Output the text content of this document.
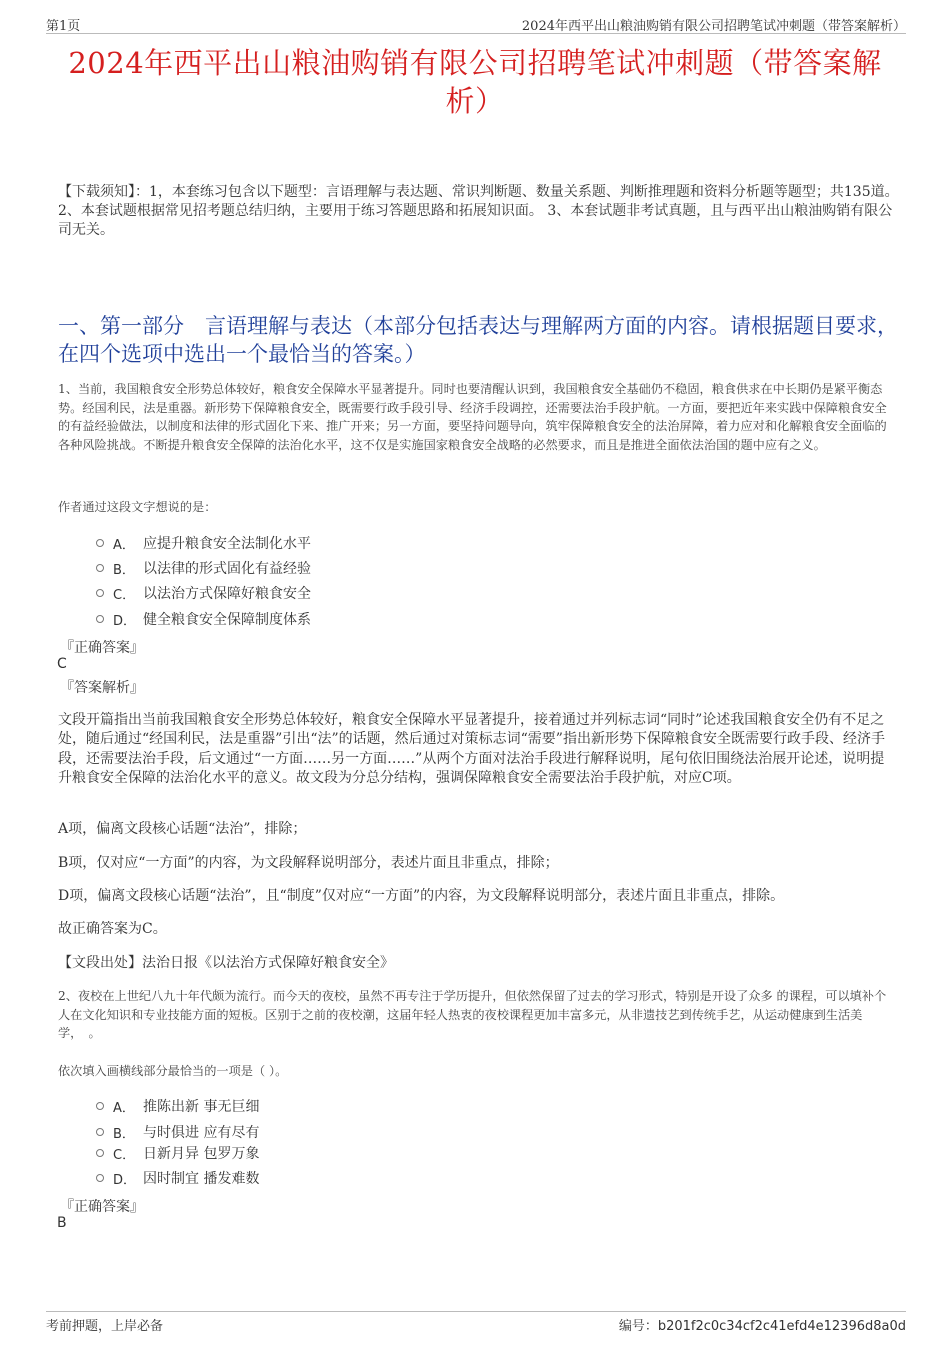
第1页	2024年西平出山粮油购销有限公司招聘笔试冲刺题（带答案解析）
2024年西平出山粮油购销有限公司招聘笔试冲刺题（带答案解析）
【下载须知】：1，本套练习包含以下题型：言语理解与表达题、常识判断题、数量关系题、判断推理题和资料分析题等题型；共135道。 2、本套试题根据常见招考题总结归纳，主要用于练习答题思路和拓展知识面。 3、本套试题非考试真题，且与西平出山粮油购销有限公司无关。
一、第一部分　言语理解与表达（本部分包括表达与理解两方面的内容。请根据题目要求，在四个选项中选出一个最恰当的答案。）
1、当前，我国粮食安全形势总体较好，粮食安全保障水平显著提升。同时也要清醒认识到，我国粮食安全基础仍不稳固，粮食供求在中长期仍是紧平衡态势。经国利民，法是重器。新形势下保障粮食安全，既需要行政手段引导、经济手段调控，还需要法治手段护航。一方面，要把近年来实践中保障粮食安全的有益经验做法，以制度和法律的形式固化下来、推广开来；另一方面，要坚持问题导向，筑牢保障粮食安全的法治屏障，着力应对和化解粮食安全面临的各种风险挑战。不断提升粮食安全保障的法治化水平，这不仅是实施国家粮食安全战略的必然要求，而且是推进全面依法治国的题中应有之义。
作者通过这段文字想说的是：
A． 应提升粮食安全法制化水平
B． 以法律的形式固化有益经验
C． 以法治方式保障好粮食安全
D． 健全粮食安全保障制度体系
『正确答案』
C
『答案解析』
文段开篇指出当前我国粮食安全形势总体较好，粮食安全保障水平显著提升，接着通过并列标志词“同时”论述我国粮食安全仍有不足之处，随后通过“经国利民，法是重器”引出“法”的话题，然后通过对策标志词“需要”指出新形势下保障粮食安全既需要行政手段、经济手段，还需要法治手段，后文通过“一方面……另一方面……”从两个方面对法治手段进行解释说明，尾句依旧围绕法治展开论述，说明提升粮食安全保障的法治化水平的意义。故文段为分总分结构，强调保障粮食安全需要法治手段护航，对应C项。
A项，偏离文段核心话题“法治”，排除；
B项，仅对应“一方面”的内容，为文段解释说明部分，表述片面且非重点，排除；
D项，偏离文段核心话题“法治”，且“制度”仅对应“一方面”的内容，为文段解释说明部分，表述片面且非重点，排除。
故正确答案为C。
【文段出处】法治日报《以法治方式保障好粮食安全》
2、夜校在上世纪八九十年代颇为流行。而今天的夜校，虽然不再专注于学历提升，但依然保留了过去的学习形式，特别是开设了众多 的课程，可以填补个人在文化知识和专业技能方面的短板。区别于之前的夜校潮，这届年轻人热衷的夜校课程更加丰富多元，从非遗技艺到传统手艺，从运动健康到生活美学，　。
依次填入画横线部分最恰当的一项是（ ）。
A． 推陈出新 事无巨细
B． 与时俱进 应有尽有
C． 日新月异 包罗万象
D． 因时制宜 播发难数
『正确答案』
B
考前押题，上岸必备	编号：b201f2c0c34cf2c41efd4e12396d8a0d
